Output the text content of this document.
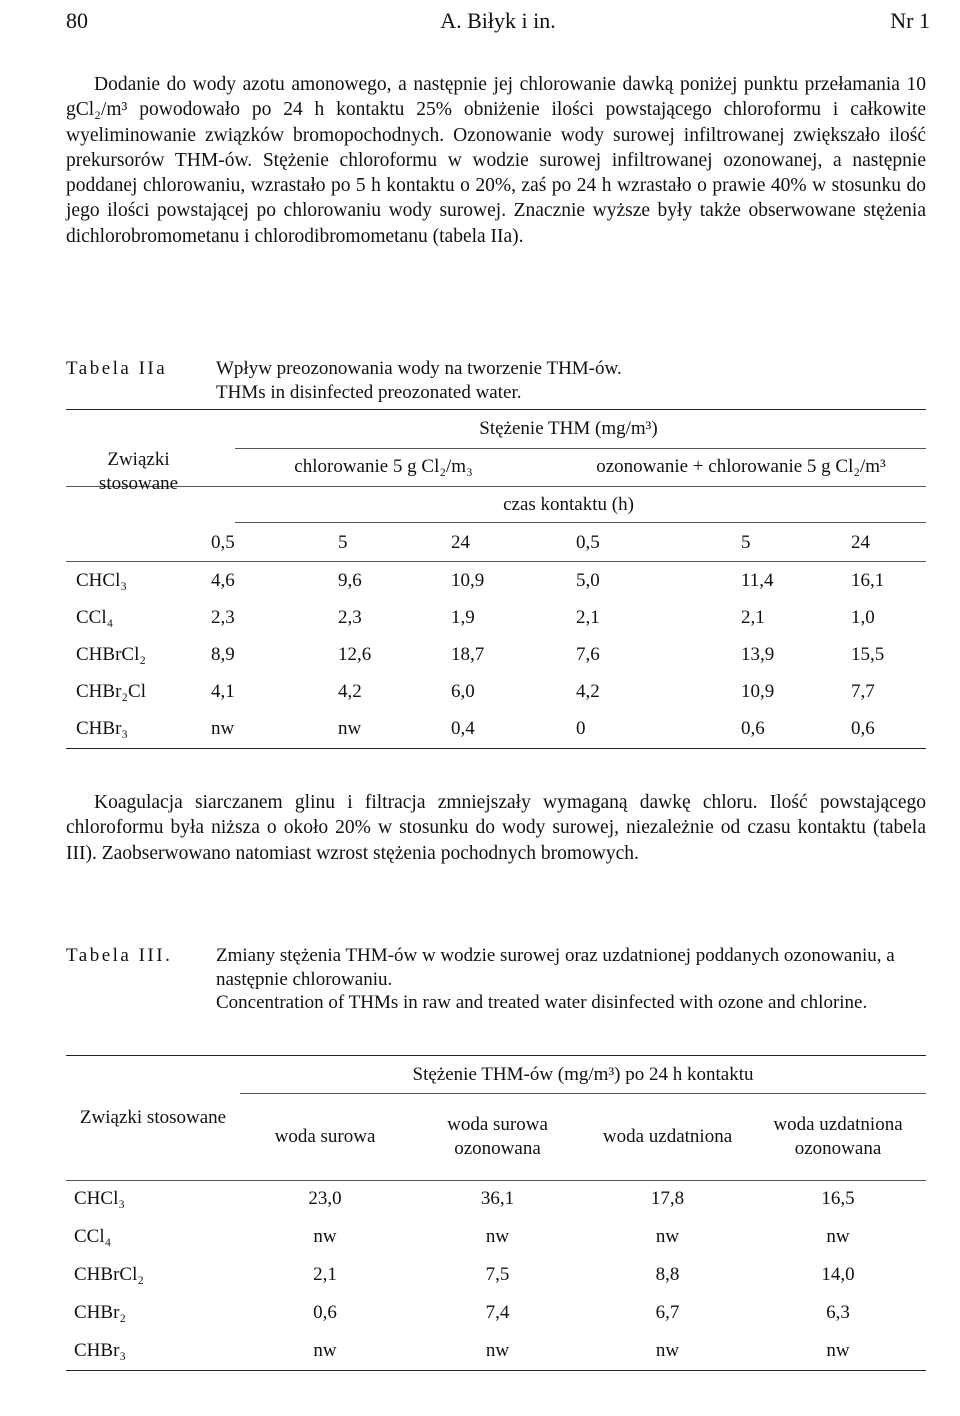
80	A. Biłyk i in.	Nr 1

Dodanie do wody azotu amonowego, a następnie jej chlorowanie dawką poniżej punktu przełamania 10 gCl₂/m³ powodowało po 24 h kontaktu 25% obniżenie ilości powstającego chloroformu i całkowite wyeliminowanie związków bromopochodnych. Ozonowanie wody surowej infiltrowanej zwiększało ilość prekursorów THM-ów. Stężenie chloroformu w wodzie surowej infiltrowanej ozonowanej, a następnie poddanej chlorowaniu, wzrastało po 5 h kontaktu o 20%, zaś po 24 h wzrastało o prawie 40% w stosunku do jego ilości powstającej po chlorowaniu wody surowej. Znacznie wyższe były także obserwowane stężenia dichlorobromometanu i chlorodibromometanu (tabela IIa).

Tabela IIa	Wpływ preozonowania wody na tworzenie THM-ów.
THMs in disinfected preozonated water.
Związki stosowane	Stężenie THM (mg/m³)					
	chlorowanie 5 g Cl₂/m₃			ozonowanie + chlorowanie 5 g Cl₂/m³		
	czas kontaktu (h)					
	0,5	5	24	0,5	5	24
CHCl₃	4,6	9,6	10,9	5,0	11,4	16,1
CCl₄	2,3	2,3	1,9	2,1	2,1	1,0
CHBrCl₂	8,9	12,6	18,7	7,6	13,9	15,5
CHBr₂Cl	4,1	4,2	6,0	4,2	10,9	7,7
CHBr₃	nw	nw	0,4	0	0,6	0,6

Koagulacja siarczanem glinu i filtracja zmniejszały wymaganą dawkę chloru. Ilość powstającego chloroformu była niższa o około 20% w stosunku do wody surowej, niezależnie od czasu kontaktu (tabela III). Zaobserwowano natomiast wzrost stężenia pochodnych bromowych.

Tabela III. Zmiany stężenia THM-ów w wodzie surowej oraz uzdatnionej poddanych ozonowaniu, a następnie chlorowaniu.
Concentration of THMs in raw and treated water disinfected with ozone and chlorine.
Związki stosowane	Stężenie THM-ów (mg/m³) po 24 h kontaktu			
	woda surowa	woda surowa ozonowana	woda uzdatniona	woda uzdatniona ozonowana
CHCl₃	23,0	36,1	17,8	16,5
CCl₄	nw	nw	nw	nw
CHBrCl₂	2,1	7,5	8,8	14,0
CHBr₂	0,6	7,4	6,7	6,3
CHBr₃	nw	nw	nw	nw
